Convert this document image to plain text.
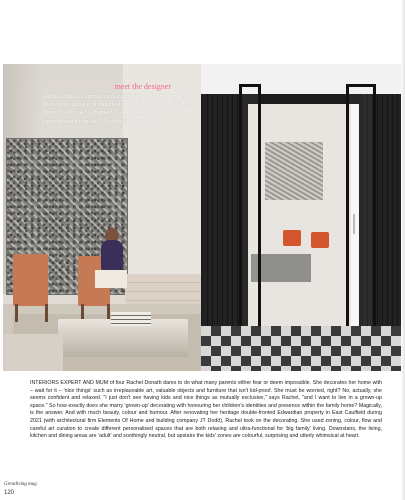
meet the designer

Rachel Donath, furniture designer and interiors expert, lives here along with her husband, Michael, and children Toby, 12, Luca, 9, Hamish, 5 and Gracie, 3. racheldonath.com.au | @racheldonath_

INTERIORS EXPERT AND MUM of four Rachel Donath dares to do what many parents either fear or deem impossible. She decorates her home with – wait for it – 'nice things' such as irreplaceable art, valuable objects and furniture that isn't kid-proof. She must be worried, right? No, actually, she seems confident and relaxed. "I just don't see having kids and nice things as mutually exclusive," says Rachel, "and I want to live in a grown-up space." So how exactly does she marry 'grown-up' decorating with honouring her children's identities and presence within the family home? Magically, is the answer. And with much beauty, colour and humour. After renovating her heritage double-fronted Edwardian property in East Caulfield during 2021 (with architectural firm Elements Of Home and building company JT Dodd), Rachel took on the decorating. She used zoning, colour, flow and careful art curation to create different personalised spaces that are both relaxing and ultra-functional for 'big family' living. Downstairs, the living, kitchen and dining areas are 'adult' and soothingly neutral, but upstairs the kids' zones are colourful, surprising and utterly whimsical at heart.

Greatliving mag
120
